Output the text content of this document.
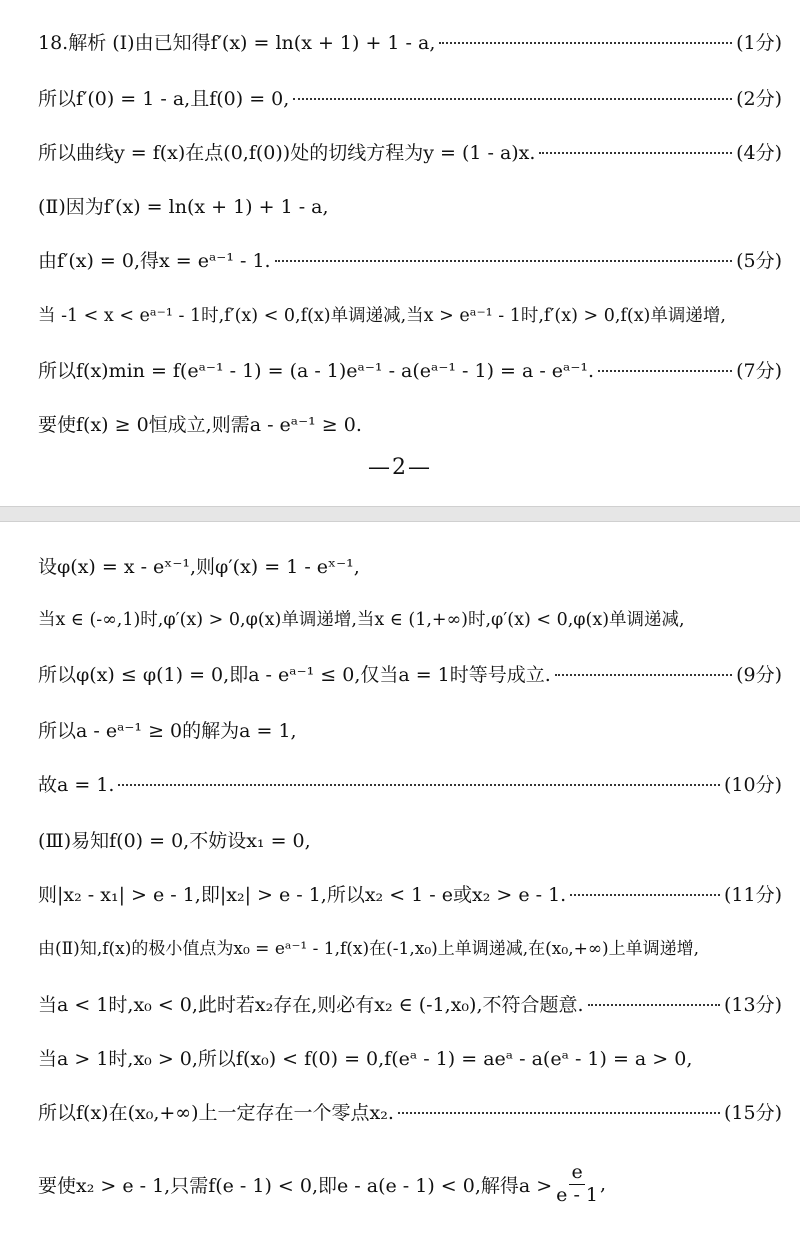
18.解析 (Ⅰ)由已知得f′(x) = ln(x + 1) + 1 - a,	(1分)
所以f′(0) = 1 - a,且f(0) = 0,	(2分)
所以曲线y = f(x)在点(0,f(0))处的切线方程为y = (1 - a)x.	(4分)
(Ⅱ)因为f′(x) = ln(x + 1) + 1 - a,
由f′(x) = 0,得x = eᵃ⁻¹ - 1.	(5分)
当 -1 < x < eᵃ⁻¹ - 1时,f′(x) < 0,f(x)单调递减,当x > eᵃ⁻¹ - 1时,f′(x) > 0,f(x)单调递增,
所以f(x)min = f(eᵃ⁻¹ - 1) = (a - 1)eᵃ⁻¹ - a(eᵃ⁻¹ - 1) = a - eᵃ⁻¹.	(7分)
要使f(x) ≥ 0恒成立,则需a - eᵃ⁻¹ ≥ 0.
—2—
设φ(x) = x - eˣ⁻¹,则φ′(x) = 1 - eˣ⁻¹,
当x ∈ (-∞,1)时,φ′(x) > 0,φ(x)单调递增,当x ∈ (1,+∞)时,φ′(x) < 0,φ(x)单调递减,
所以φ(x) ≤ φ(1) = 0,即a - eᵃ⁻¹ ≤ 0,仅当a = 1时等号成立.	(9分)
所以a - eᵃ⁻¹ ≥ 0的解为a = 1,
故a = 1.	(10分)
(Ⅲ)易知f(0) = 0,不妨设x₁ = 0,
则|x₂ - x₁| > e - 1,即|x₂| > e - 1,所以x₂ < 1 - e或x₂ > e - 1.	(11分)
由(Ⅱ)知,f(x)的极小值点为x₀ = eᵃ⁻¹ - 1,f(x)在(-1,x₀)上单调递减,在(x₀,+∞)上单调递增,
当a < 1时,x₀ < 0,此时若x₂存在,则必有x₂ ∈ (-1,x₀),不符合题意.	(13分)
当a > 1时,x₀ > 0,所以f(x₀) < f(0) = 0,f(eᵃ - 1) = aeᵃ - a(eᵃ - 1) = a > 0,
所以f(x)在(x₀,+∞)上一定存在一个零点x₂.	(15分)
要使x₂ > e - 1,只需f(e - 1) < 0,即e - a(e - 1) < 0,解得$a > \frac{e}{e - 1}$ ,
